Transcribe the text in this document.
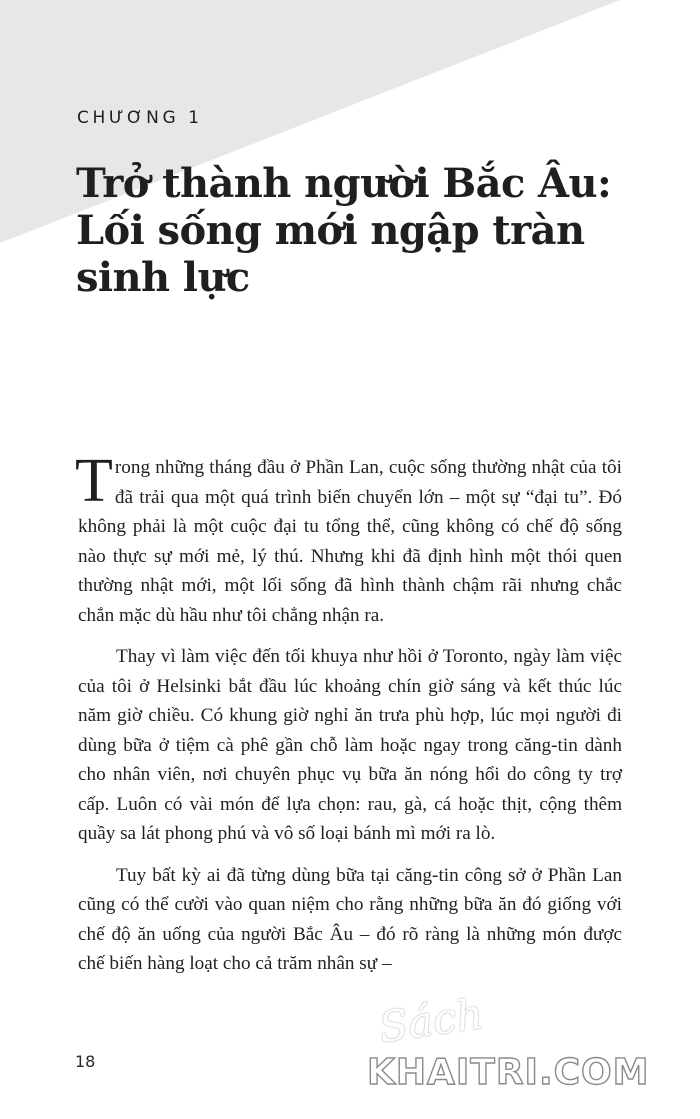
CHƯƠNG 1
Trở thành người Bắc Âu:
Lối sống mới ngập tràn
sinh lực

Trong những tháng đầu ở Phần Lan, cuộc sống thường nhật của tôi đã trải qua một quá trình biến chuyển lớn – một sự “đại tu”. Đó không phải là một cuộc đại tu tổng thể, cũng không có chế độ sống nào thực sự mới mẻ, lý thú. Nhưng khi đã định hình một thói quen thường nhật mới, một lối sống đã hình thành chậm rãi nhưng chắc chắn mặc dù hầu như tôi chẳng nhận ra.

Thay vì làm việc đến tối khuya như hồi ở Toronto, ngày làm việc của tôi ở Helsinki bắt đầu lúc khoảng chín giờ sáng và kết thúc lúc năm giờ chiều. Có khung giờ nghỉ ăn trưa phù hợp, lúc mọi người đi dùng bữa ở tiệm cà phê gần chỗ làm hoặc ngay trong căng-tin dành cho nhân viên, nơi chuyên phục vụ bữa ăn nóng hổi do công ty trợ cấp. Luôn có vài món để lựa chọn: rau, gà, cá hoặc thịt, cộng thêm quầy sa lát phong phú và vô số loại bánh mì mới ra lò.

Tuy bất kỳ ai đã từng dùng bữa tại căng-tin công sở ở Phần Lan cũng có thể cười vào quan niệm cho rằng những bữa ăn đó giống với chế độ ăn uống của người Bắc Âu – đó rõ ràng là những món được chế biến hàng loạt cho cả trăm nhân sự –

18
Sách
KHAITRI.COM
